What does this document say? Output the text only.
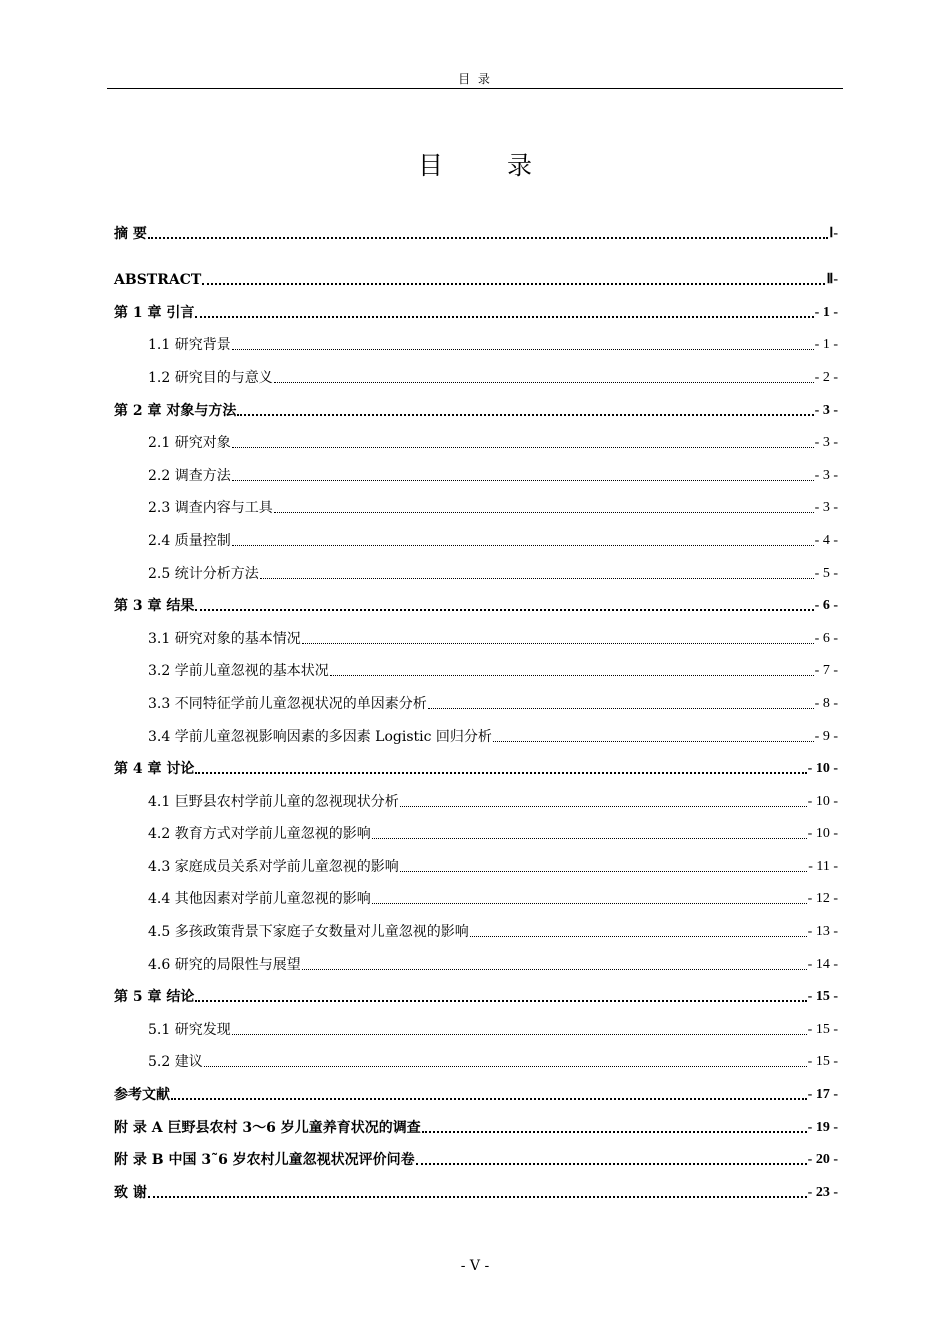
目 录
目 录
摘 要	Ⅰ-
ABSTRACT	Ⅱ-
第 1 章 引言	- 1 -
1.1 研究背景	- 1 -
1.2 研究目的与意义	- 2 -
第 2 章 对象与方法	- 3 -
2.1 研究对象	- 3 -
2.2 调查方法	- 3 -
2.3 调查内容与工具	- 3 -
2.4 质量控制	- 4 -
2.5 统计分析方法	- 5 -
第 3 章 结果	- 6 -
3.1 研究对象的基本情况	- 6 -
3.2 学前儿童忽视的基本状况	- 7 -
3.3 不同特征学前儿童忽视状况的单因素分析	- 8 -
3.4 学前儿童忽视影响因素的多因素 Logistic 回归分析	- 9 -
第 4 章 讨论	- 10 -
4.1 巨野县农村学前儿童的忽视现状分析	- 10 -
4.2 教育方式对学前儿童忽视的影响	- 10 -
4.3 家庭成员关系对学前儿童忽视的影响	- 11 -
4.4 其他因素对学前儿童忽视的影响	- 12 -
4.5 多孩政策背景下家庭子女数量对儿童忽视的影响	- 13 -
4.6 研究的局限性与展望	- 14 -
第 5 章 结论	- 15 -
5.1 研究发现	- 15 -
5.2 建议	- 15 -
参考文献	- 17 -
附 录 A 巨野县农村 3～6 岁儿童养育状况的调查	- 19 -
附 录 B 中国 3˜6 岁农村儿童忽视状况评价问卷	- 20 -
致 谢	- 23 -
- Ⅴ -
